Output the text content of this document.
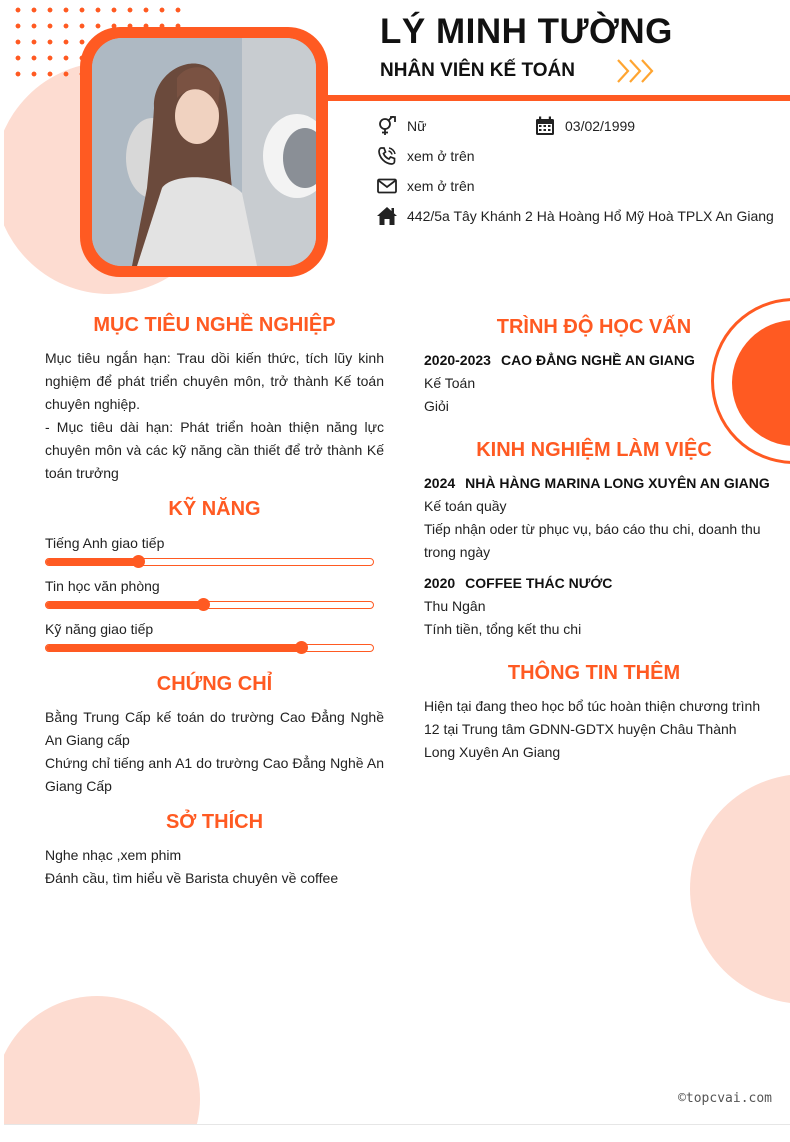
LÝ MINH TƯỜNG
NHÂN VIÊN KẾ TOÁN
Nữ	03/02/1999
xem ở trên
xem ở trên
442/5a Tây Khánh 2 Hà Hoàng Hổ Mỹ Hoà TPLX An Giang
MỤC TIÊU NGHỀ NGHIỆP
Mục tiêu ngắn hạn: Trau dồi kiến thức, tích lũy kinh nghiệm để phát triển chuyên môn, trở thành Kế toán chuyên nghiệp.
- Mục tiêu dài hạn: Phát triển hoàn thiện năng lực chuyên môn và các kỹ năng cần thiết để trở thành Kế toán trưởng
KỸ NĂNG
Tiếng Anh giao tiếp
Tin học văn phòng
Kỹ năng giao tiếp
CHỨNG CHỈ
Bằng Trung Cấp kế toán do trường Cao Đẳng Nghề An Giang cấp
Chứng chỉ tiếng anh A1 do trường Cao Đẳng Nghề An Giang Cấp
SỞ THÍCH
Nghe nhạc ,xem phim
Đánh cầu, tìm hiểu về Barista chuyên về coffee
TRÌNH ĐỘ HỌC VẤN
2020-2023 CAO ĐẲNG NGHỀ AN GIANG
Kế Toán
Giỏi
KINH NGHIỆM LÀM VIỆC
2024 NHÀ HÀNG MARINA LONG XUYÊN AN GIANG
Kế toán quầy
Tiếp nhận oder từ phục vụ, báo cáo thu chi, doanh thu trong ngày
2020 COFFEE THÁC NƯỚC
Thu Ngân
Tính tiền, tổng kết thu chi
THÔNG TIN THÊM
Hiện tại đang theo học bổ túc hoàn thiện chương trình 12 tại Trung tâm GDNN-GDTX huyện Châu Thành Long Xuyên An Giang
©topcvai.com
